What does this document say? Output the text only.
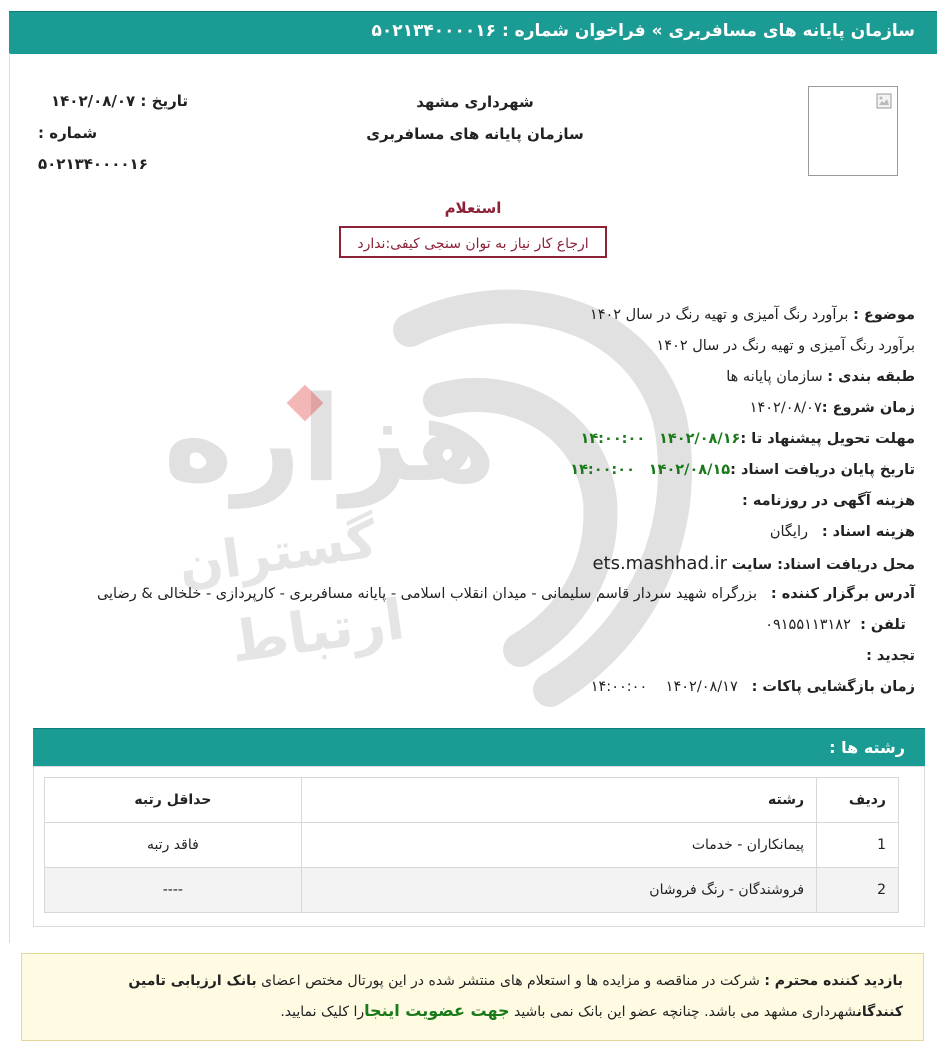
سازمان پایانه های مسافربری » فراخوان شماره : ۵۰۲۱۳۴۰۰۰۰۱۶
شهرداری مشهد
سازمان پایانه های مسافربری
تاریخ : ۱۴۰۲/۰۸/۰۷
شماره :
۵۰۲۱۳۴۰۰۰۰۱۶
استعلام
ارجاع کار نیاز به توان سنجی کیفی:ندارد
هزاره
گستران
ارتباط
موضوع : برآورد رنگ آمیزی و تهیه رنگ در سال ۱۴۰۲
برآورد رنگ آمیزی و تهیه رنگ در سال ۱۴۰۲
طبقه بندی : سازمان پایانه ها
زمان شروع :۱۴۰۲/۰۸/۰۷
مهلت تحویل پیشنهاد تا :۱۴۰۲/۰۸/۱۶   ۱۴:۰۰:۰۰
تاریخ پایان دریافت اسناد :۱۴۰۲/۰۸/۱۵   ۱۴:۰۰:۰۰
هزینه آگهی در روزنامه :
هزینه اسناد :   رایگان
محل دریافت اسناد: سایت ets.mashhad.ir
آدرس برگزار کننده :   بزرگراه شهید سردار قاسم سلیمانی - میدان انقلاب اسلامی - پایانه مسافربری - کارپردازی - خلخالی & رضایی
تلفن :  ۰۹۱۵۵۱۱۳۱۸۲
تجدید :
زمان بازگشایی پاکات :   ۱۴۰۲/۰۸/۱۷    ۱۴:۰۰:۰۰
رشته ها :
ردیف	رشته	حداقل رتبه
1	پیمانکاران - خدمات	فاقد رتبه
2	فروشندگان - رنگ فروشان	----
بازدید کننده محترم : شرکت در مناقصه و مزایده ها و استعلام های منتشر شده در این پورتال مختص اعضای بانک ارزیابی تامین کنندگانشهرداری مشهد می باشد. چنانچه عضو این بانک نمی باشید جهت عضویت اینجارا کلیک نمایید.
